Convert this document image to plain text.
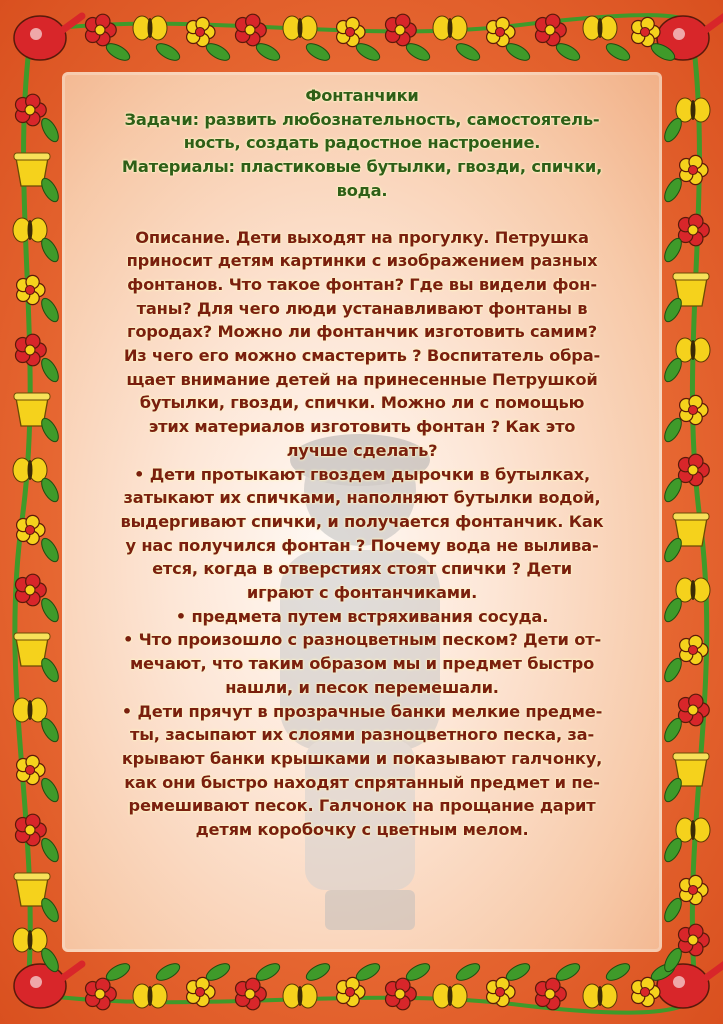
Фонтанчики
Задачи: развить любознательность, самостоятель-
ность, создать радостное настроение.
Материалы: пластиковые бутылки, гвозди, спички,
вода.
Описание. Дети выходят на прогулку. Петрушка
приносит детям картинки с изображением разных
фонтанов. Что такое фонтан? Где вы видели фон-
таны? Для чего люди устанавливают фонтаны в
городах? Можно ли фонтанчик изготовить самим?
Из чего его можно смастерить ? Воспитатель обра-
щает внимание детей на принесенные Петрушкой
бутылки, гвозди, спички. Можно ли с помощью
этих материалов изготовить фонтан ? Как это
лучше сделать?
• Дети протыкают гвоздем дырочки в бутылках,
затыкают их спичками, наполняют бутылки водой,
выдергивают спички, и получается фонтанчик. Как
у нас получился фонтан ? Почему вода не вылива-
ется, когда в отверстиях стоят спички ? Дети
играют с фонтанчиками.
• предмета путем встряхивания сосуда.
• Что произошло с разноцветным песком? Дети от-
мечают, что таким образом мы и предмет быстро
нашли, и песок перемешали.
• Дети прячут в прозрачные банки мелкие предме-
ты, засыпают их слоями разноцветного песка, за-
крывают банки крышками и показывают галчонку,
как они быстро находят спрятанный предмет и пе-
ремешивают песок. Галчонок на прощание дарит
детям коробочку с цветным мелом.
